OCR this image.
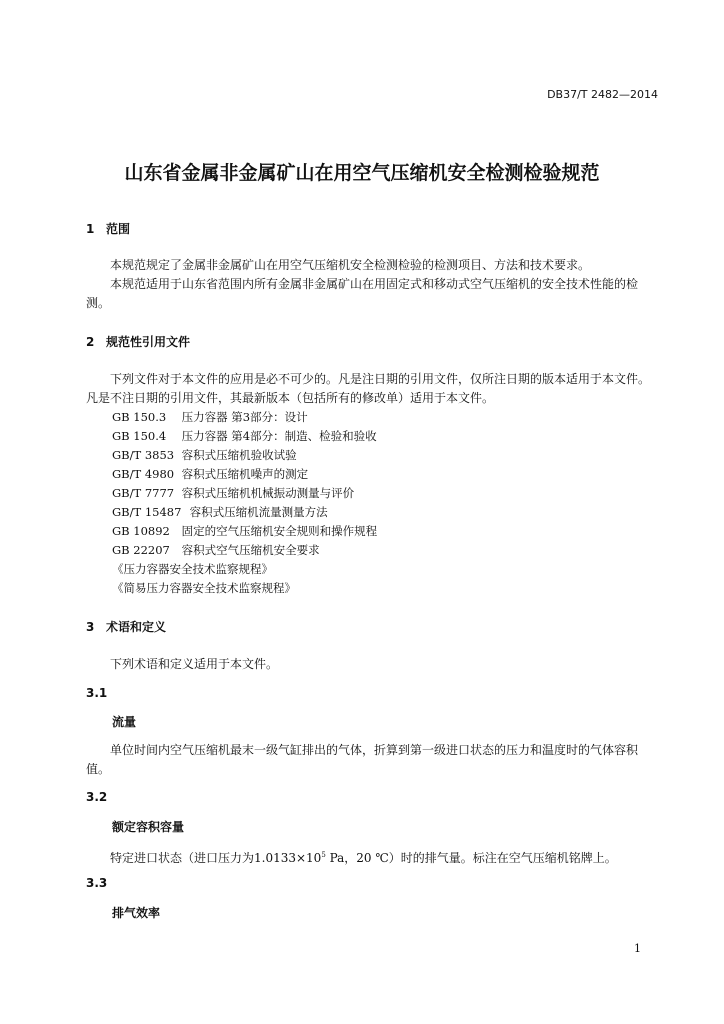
DB37/T 2482—2014
山东省金属非金属矿山在用空气压缩机安全检测检验规范
1 范围
本规范规定了金属非金属矿山在用空气压缩机安全检测检验的检测项目、方法和技术要求。
本规范适用于山东省范围内所有金属非金属矿山在用固定式和移动式空气压缩机的安全技术性能的检测。
2 规范性引用文件
下列文件对于本文件的应用是必不可少的。凡是注日期的引用文件，仅所注日期的版本适用于本文件。凡是不注日期的引用文件，其最新版本（包括所有的修改单）适用于本文件。
GB 150.3 压力容器 第3部分：设计
GB 150.4 压力容器 第4部分：制造、检验和验收
GB/T 3853 容积式压缩机验收试验
GB/T 4980 容积式压缩机噪声的测定
GB/T 7777 容积式压缩机机械振动测量与评价
GB/T 15487 容积式压缩机流量测量方法
GB 10892 固定的空气压缩机安全规则和操作规程
GB 22207 容积式空气压缩机安全要求
《压力容器安全技术监察规程》
《简易压力容器安全技术监察规程》
3 术语和定义
下列术语和定义适用于本文件。
3.1
流量
单位时间内空气压缩机最末一级气缸排出的气体，折算到第一级进口状态的压力和温度时的气体容积值。
3.2
额定容积容量
特定进口状态（进口压力为$1.0133\times 10^5$ Pa，20 ℃）时的排气量。标注在空气压缩机铭牌上。
3.3
排气效率
1
